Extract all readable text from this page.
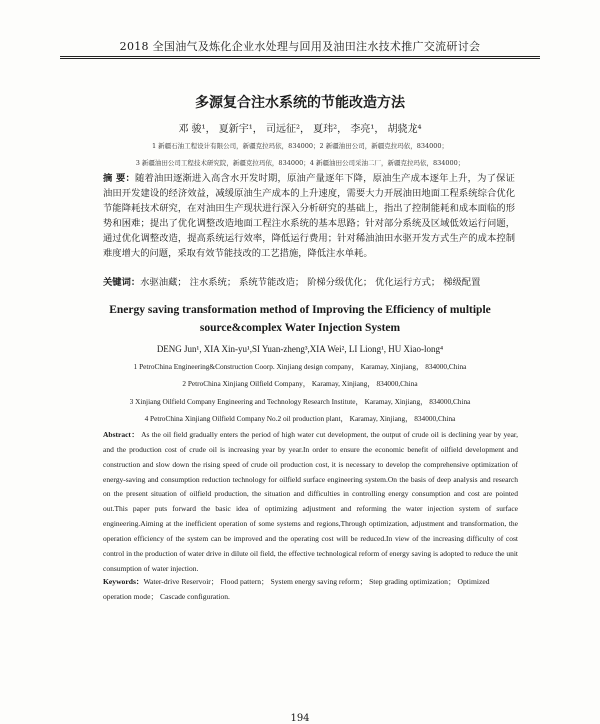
2018 全国油气及炼化企业水处理与回用及油田注水技术推广交流研讨会
多源复合注水系统的节能改造方法
邓 骏¹， 夏新宇¹， 司远征²， 夏玮²， 李亮¹， 胡骁龙⁴
1 新疆石油工程设计有限公司，新疆克拉玛依，834000；2 新疆油田公司，新疆克拉玛依，834000；
3 新疆油田公司工程技术研究院，新疆克拉玛依，834000；4 新疆油田公司采油二厂，新疆克拉玛依，834000；
摘 要：随着油田逐渐进入高含水开发时期，原油产量逐年下降，原油生产成本逐年上升，为了保证油田开发建设的经济效益，减缓原油生产成本的上升速度，需要大力开展油田地面工程系统综合优化节能降耗技术研究，在对油田生产现状进行深入分析研究的基础上，指出了控制能耗和成本面临的形势和困难；提出了优化调整改造地面工程注水系统的基本思路；针对部分系统及区域低效运行问题，通过优化调整改造，提高系统运行效率，降低运行费用；针对稀油油田水驱开发方式生产的成本控制难度增大的问题，采取有效节能技改的工艺措施，降低注水单耗。
关键词：水驱油藏； 注水系统； 系统节能改造； 阶梯分级优化； 优化运行方式； 梯级配置
Energy saving transformation method of Improving the Efficiency of multiple
source&complex Water Injection System
DENG Jun¹, XIA Xin-yu¹,SI Yuan-zheng³,XIA Wei², LI Liong¹, HU Xiao-long⁴
1 PetroChina Engineering&Construction Coorp. Xinjiang design company， Karamay, Xinjiang， 834000,China
2 PetroChina Xinjiang Oilfield Company， Karamay, Xinjiang， 834000,China
3 Xinjiang Oilfield Company Engineering and Technology Research Institute， Karamay, Xinjiang， 834000,China
4 PetroChina Xinjiang Oilfield Company No.2 oil production plant， Karamay, Xinjiang， 834000,China
Abstract： As the oil field gradually enters the period of high water cut development, the output of crude oil is declining year by year, and the production cost of crude oil is increasing year by year.In order to ensure the economic benefit of oilfield development and construction and slow down the rising speed of crude oil production cost, it is necessary to develop the comprehensive optimization of energy-saving and consumption reduction technology for oilfield surface engineering system.On the basis of deep analysis and research on the present situation of oilfield production, the situation and difficulties in controlling energy consumption and cost are pointed out.This paper puts forward the basic idea of optimizing adjustment and reforming the water injection system of surface engineering.Aiming at the inefficient operation of some systems and regions,Through optimization, adjustment and transformation, the operation efficiency of the system can be improved and the operating cost will be reduced.In view of the increasing difficulty of cost control in the production of water drive in dilute oil field, the effective technological reform of energy saving is adopted to reduce the unit consumption of water injection.
Keywords：Water-drive Reservoir； Flood pattern； System energy saving reform； Step grading optimization； Optimized operation mode； Cascade configuration.
194
